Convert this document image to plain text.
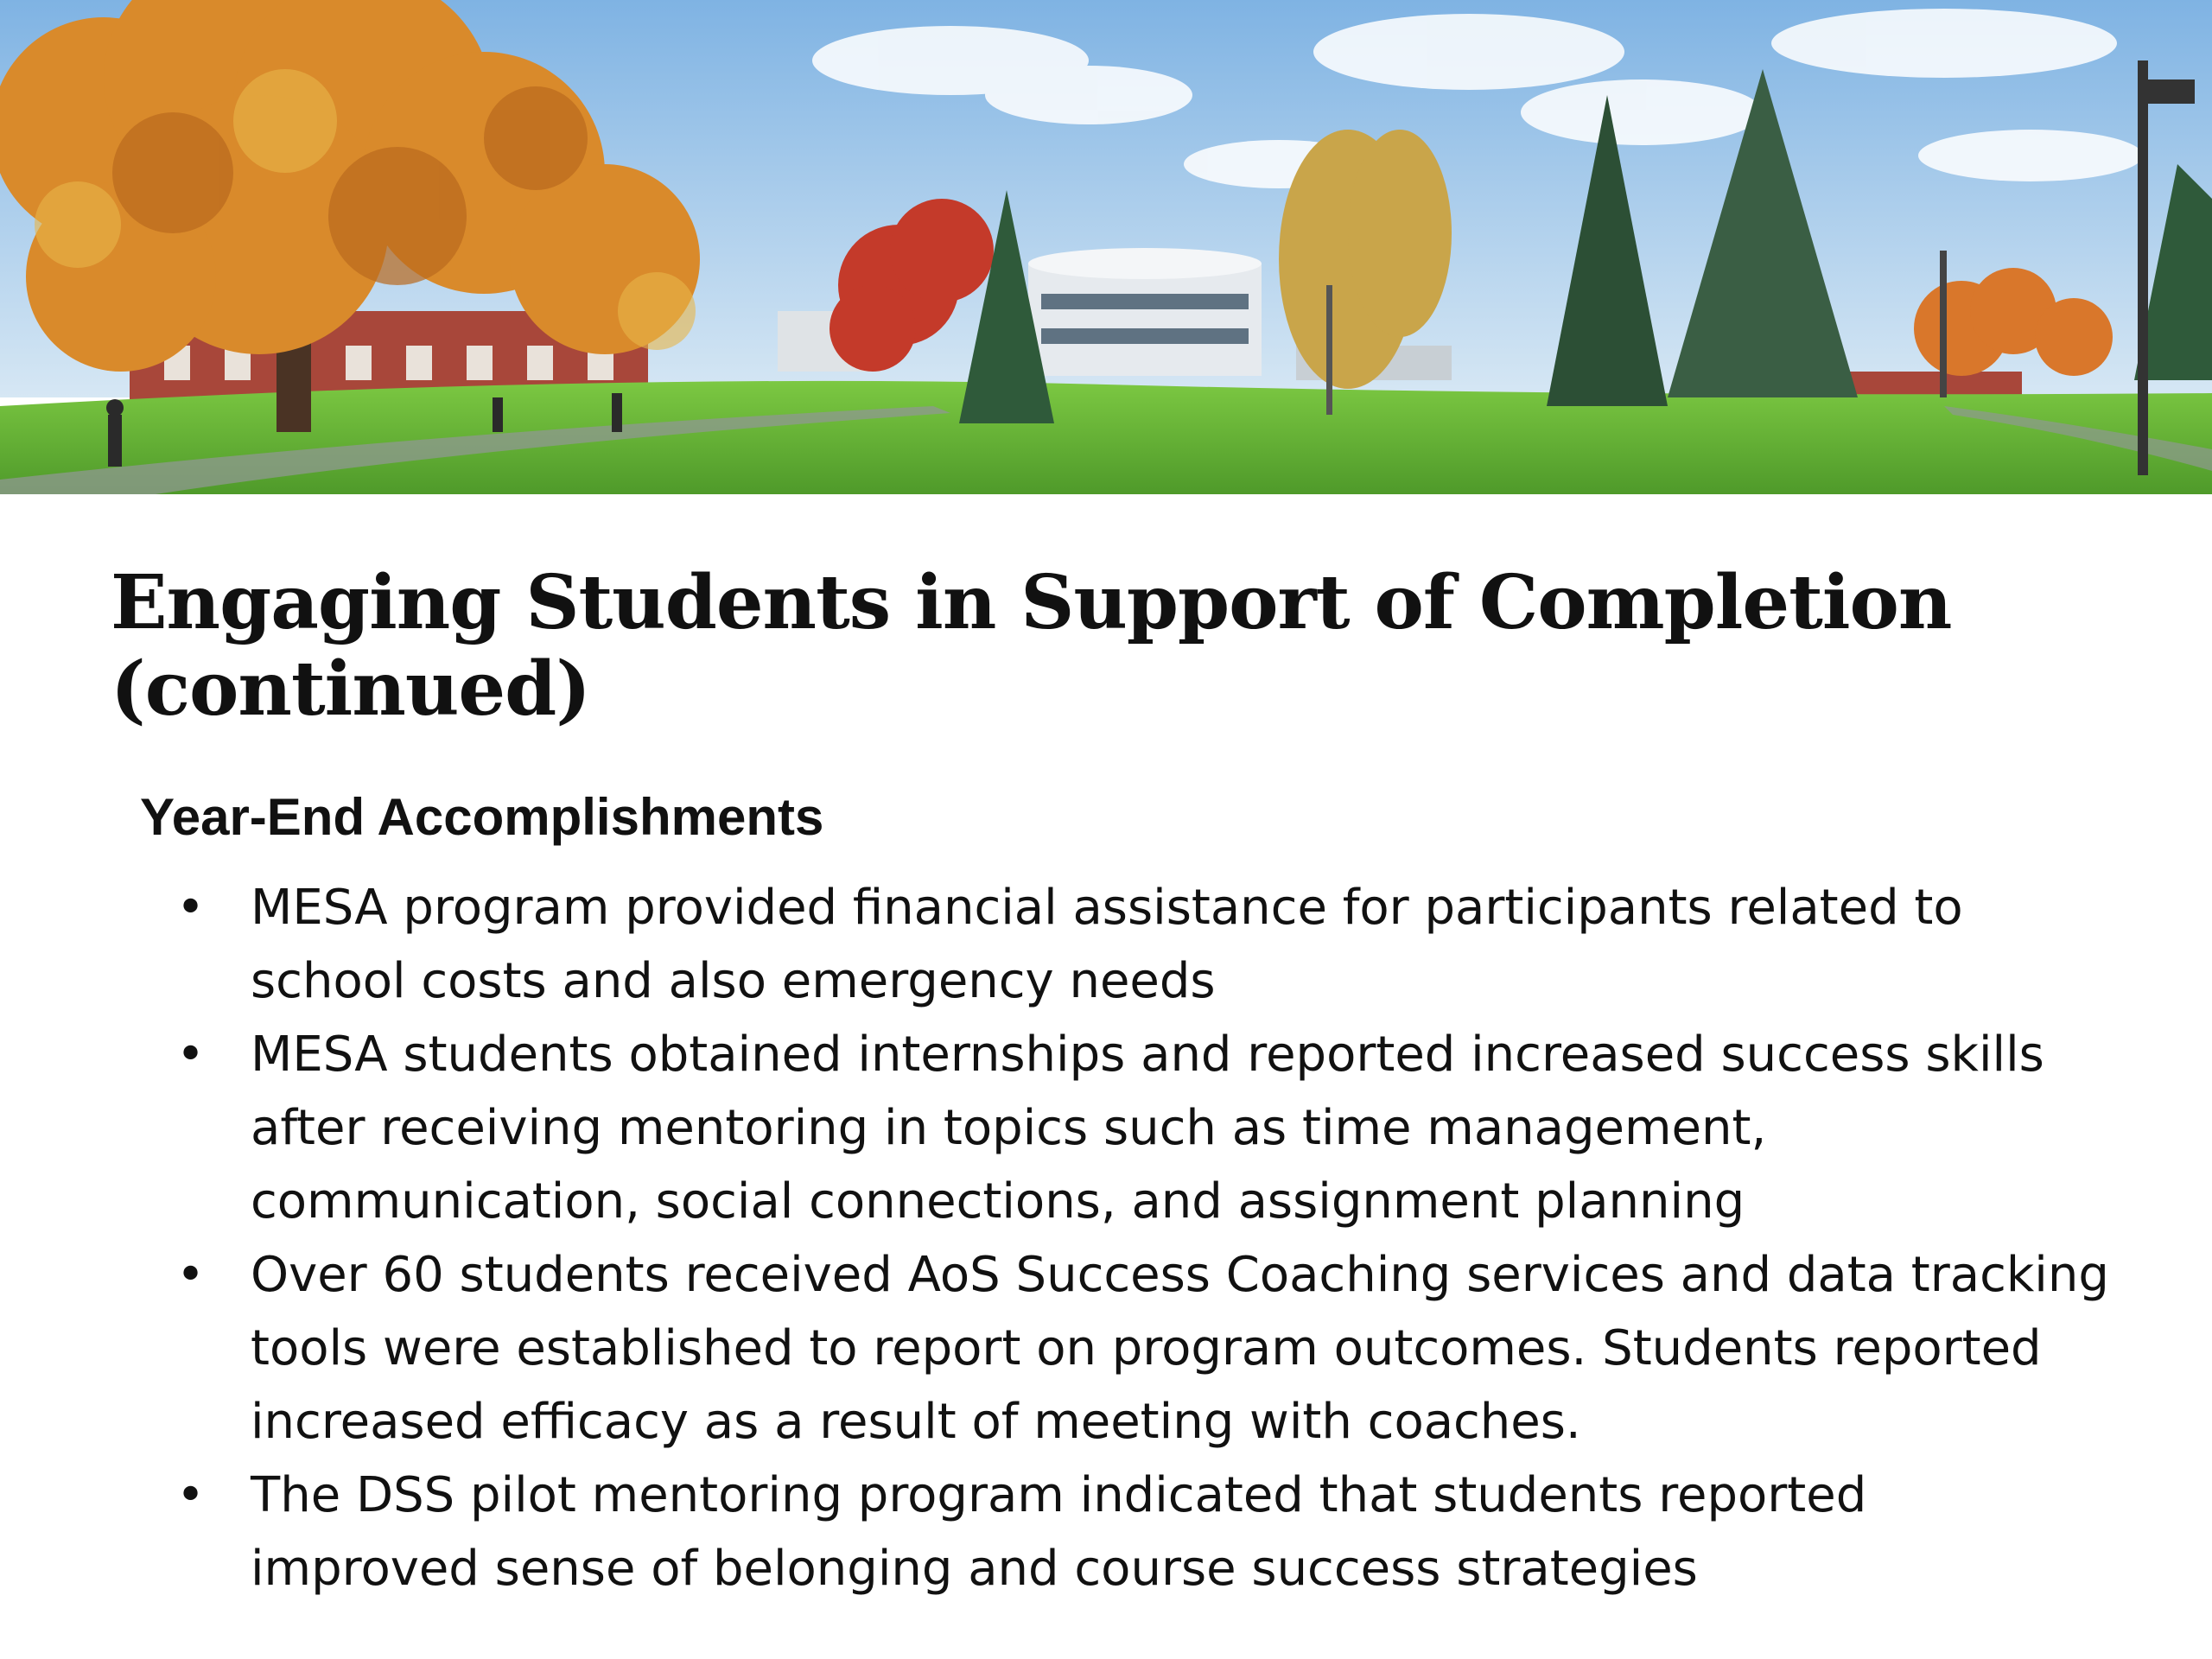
Engaging Students in Support of Completion
(continued)
Year-End Accomplishments
• MESA program provided financial assistance for participants related to
school costs and also emergency needs
• MESA students obtained internships and reported increased success skills
after receiving mentoring in topics such as time management,
communication, social connections, and assignment planning
• Over 60 students received AoS Success Coaching services and data tracking
tools were established to report on program outcomes. Students reported
increased efficacy as a result of meeting with coaches.
• The DSS pilot mentoring program indicated that students reported
improved sense of belonging and course success strategies
